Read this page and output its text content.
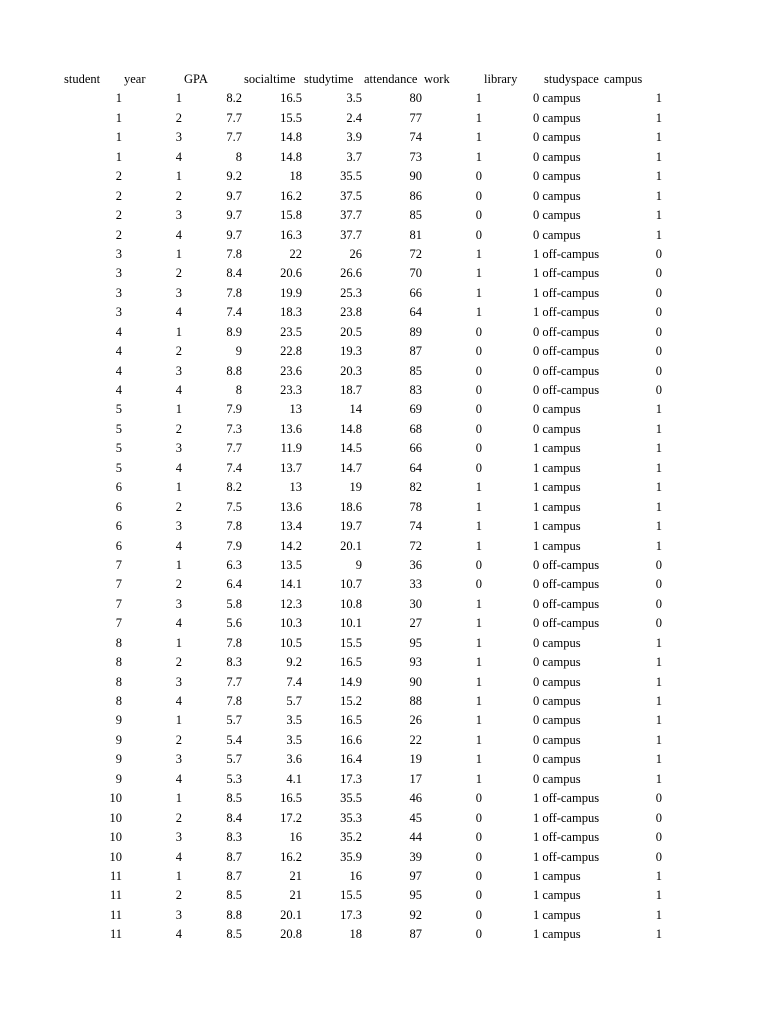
student year	GPA	socialtime studytime attendance work	library studyspace campus
1	1	8.2	16.5	3.5	80	1	0 campus	1
1	2	7.7	15.5	2.4	77	1	0 campus	1
1	3	7.7	14.8	3.9	74	1	0 campus	1
1	4	8	14.8	3.7	73	1	0 campus	1
2	1	9.2	18	35.5	90	0	0 campus	1
2	2	9.7	16.2	37.5	86	0	0 campus	1
2	3	9.7	15.8	37.7	85	0	0 campus	1
2	4	9.7	16.3	37.7	81	0	0 campus	1
3	1	7.8	22	26	72	1	1 off-campus	0
3	2	8.4	20.6	26.6	70	1	1 off-campus	0
3	3	7.8	19.9	25.3	66	1	1 off-campus	0
3	4	7.4	18.3	23.8	64	1	1 off-campus	0
4	1	8.9	23.5	20.5	89	0	0 off-campus	0
4	2	9	22.8	19.3	87	0	0 off-campus	0
4	3	8.8	23.6	20.3	85	0	0 off-campus	0
4	4	8	23.3	18.7	83	0	0 off-campus	0
5	1	7.9	13	14	69	0	0 campus	1
5	2	7.3	13.6	14.8	68	0	0 campus	1
5	3	7.7	11.9	14.5	66	0	1 campus	1
5	4	7.4	13.7	14.7	64	0	1 campus	1
6	1	8.2	13	19	82	1	1 campus	1
6	2	7.5	13.6	18.6	78	1	1 campus	1
6	3	7.8	13.4	19.7	74	1	1 campus	1
6	4	7.9	14.2	20.1	72	1	1 campus	1
7	1	6.3	13.5	9	36	0	0 off-campus	0
7	2	6.4	14.1	10.7	33	0	0 off-campus	0
7	3	5.8	12.3	10.8	30	1	0 off-campus	0
7	4	5.6	10.3	10.1	27	1	0 off-campus	0
8	1	7.8	10.5	15.5	95	1	0 campus	1
8	2	8.3	9.2	16.5	93	1	0 campus	1
8	3	7.7	7.4	14.9	90	1	0 campus	1
8	4	7.8	5.7	15.2	88	1	0 campus	1
9	1	5.7	3.5	16.5	26	1	0 campus	1
9	2	5.4	3.5	16.6	22	1	0 campus	1
9	3	5.7	3.6	16.4	19	1	0 campus	1
9	4	5.3	4.1	17.3	17	1	0 campus	1
10	1	8.5	16.5	35.5	46	0	1 off-campus	0
10	2	8.4	17.2	35.3	45	0	1 off-campus	0
10	3	8.3	16	35.2	44	0	1 off-campus	0
10	4	8.7	16.2	35.9	39	0	1 off-campus	0
11	1	8.7	21	16	97	0	1 campus	1
11	2	8.5	21	15.5	95	0	1 campus	1
11	3	8.8	20.1	17.3	92	0	1 campus	1
11	4	8.5	20.8	18	87	0	1 campus	1
